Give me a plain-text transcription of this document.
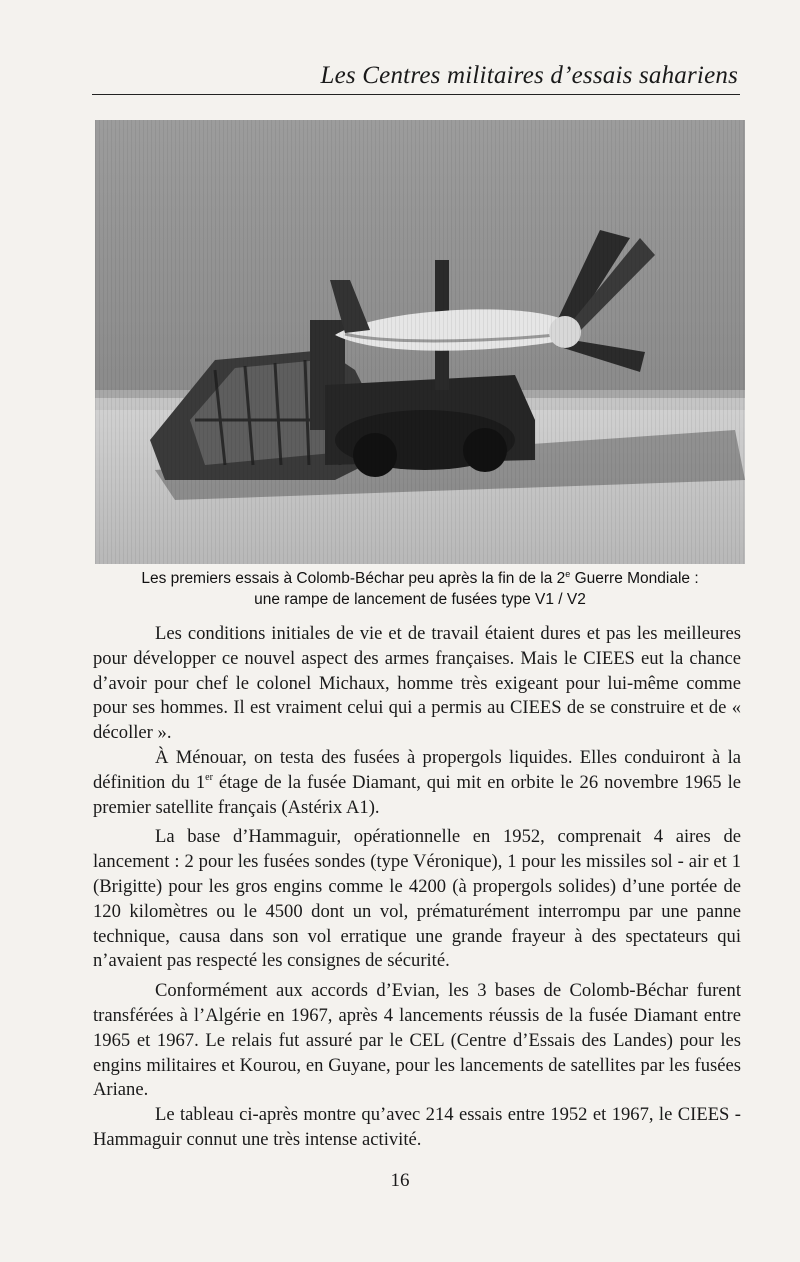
Les Centres militaires d’essais sahariens
Les premiers essais à Colomb-Béchar peu après la fin de la 2e Guerre Mondiale :
une rampe de lancement de fusées type V1 / V2

Les conditions initiales de vie et de travail étaient dures et pas les meilleures pour développer ce nouvel aspect des armes françaises. Mais le CIEES eut la chance d’avoir pour chef le colonel Michaux, homme très exigeant pour lui-même comme pour ses hommes. Il est vraiment celui qui a permis au CIEES de se construire et de « décoller ».

À Ménouar, on testa des fusées à propergols liquides. Elles conduiront à la définition du 1er étage de la fusée Diamant, qui mit en orbite le 26 novembre 1965 le premier satellite français (Astérix A1).

La base d’Hammaguir, opérationnelle en 1952, comprenait 4 aires de lancement : 2 pour les fusées sondes (type Véronique), 1 pour les missiles sol - air et 1 (Brigitte) pour les gros engins comme le 4200 (à propergols solides) d’une portée de 120 kilomètres ou le 4500 dont un vol, prématurément interrompu par une panne technique, causa dans son vol erratique une grande frayeur à des spectateurs qui n’avaient pas respecté les consignes de sécurité.

Conformément aux accords d’Evian, les 3 bases de Colomb-Béchar furent transférées à l’Algérie en 1967, après 4 lancements réussis de la fusée Diamant entre 1965 et 1967. Le relais fut assuré par le CEL (Centre d’Essais des Landes) pour les engins militaires et Kourou, en Guyane, pour les lancements de satellites par les fusées Ariane.

Le tableau ci-après montre qu’avec 214 essais entre 1952 et 1967, le CIEES - Hammaguir connut une très intense activité.

16
